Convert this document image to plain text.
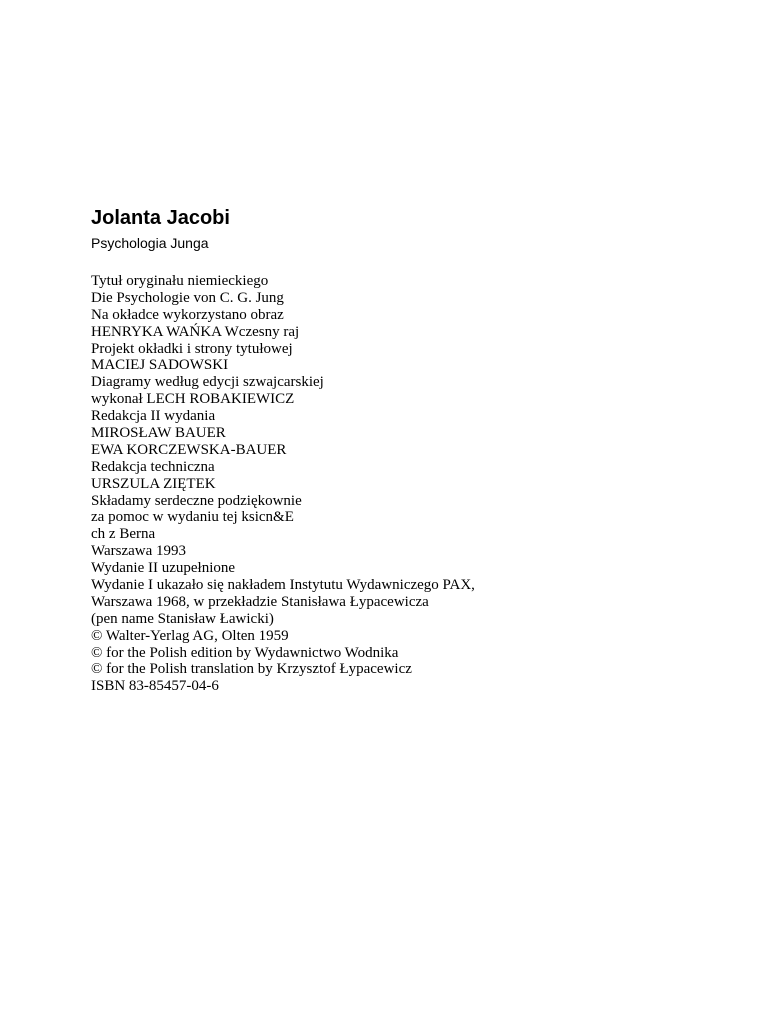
Jolanta Jacobi
Psychologia Junga
Tytuł oryginału niemieckiego
Die Psychologie von C. G. Jung
Na okładce wykorzystano obraz
HENRYKA WAŃKA Wczesny raj
Projekt okładki i strony tytułowej
MACIEJ SADOWSKI
Diagramy według edycji szwajcarskiej
wykonał LECH ROBAKIEWICZ
Redakcja II wydania
MIROSŁAW BAUER
EWA KORCZEWSKA-BAUER
Redakcja techniczna
URSZULA ZIĘTEK
Składamy serdeczne podziękownie
za pomoc w wydaniu tej ksicn&E
ch z Berna
Warszawa 1993
Wydanie II uzupełnione
Wydanie I ukazało się nakładem Instytutu Wydawniczego PAX,
Warszawa 1968, w przekładzie Stanisława Łypacewicza
(pen name Stanisław Ławicki)
© Walter-Yerlag AG, Olten 1959
© for the Polish edition by Wydawnictwo Wodnika
© for the Polish translation by Krzysztof Łypacewicz
ISBN 83-85457-04-6
